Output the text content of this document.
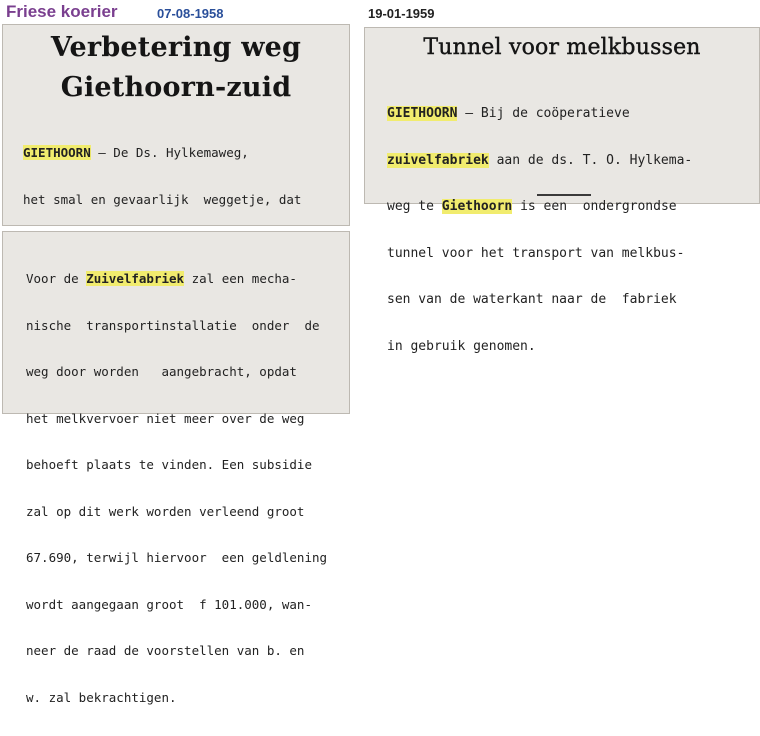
Friese koerier	07-08-1958	19-01-1959
Verbetering weg
Giethoorn-zuid

GIETHOORN — De Ds. Hylkemaweg,

het smal en gevaarlijk  weggetje, dat

Voor de Zuivelfabriek zal een mecha-

nische  transportinstallatie  onder  de

weg door worden   aangebracht, opdat

het melkvervoer niet meer over de weg

behoeft plaats te vinden. Een subsidie

zal op dit werk worden verleend groot

67.690, terwijl hiervoor  een geldlening

wordt aangegaan groot  f 101.000, wan-

neer de raad de voorstellen van b. en

w. zal bekrachtigen.

Tunnel voor melkbussen

GIETHOORN — Bij de coöperatieve

zuivelfabriek aan de ds. T. O. Hylkema-

weg te Giethoorn is een  ondergrondse

tunnel voor het transport van melkbus-

sen van de waterkant naar de  fabriek

in gebruik genomen.
